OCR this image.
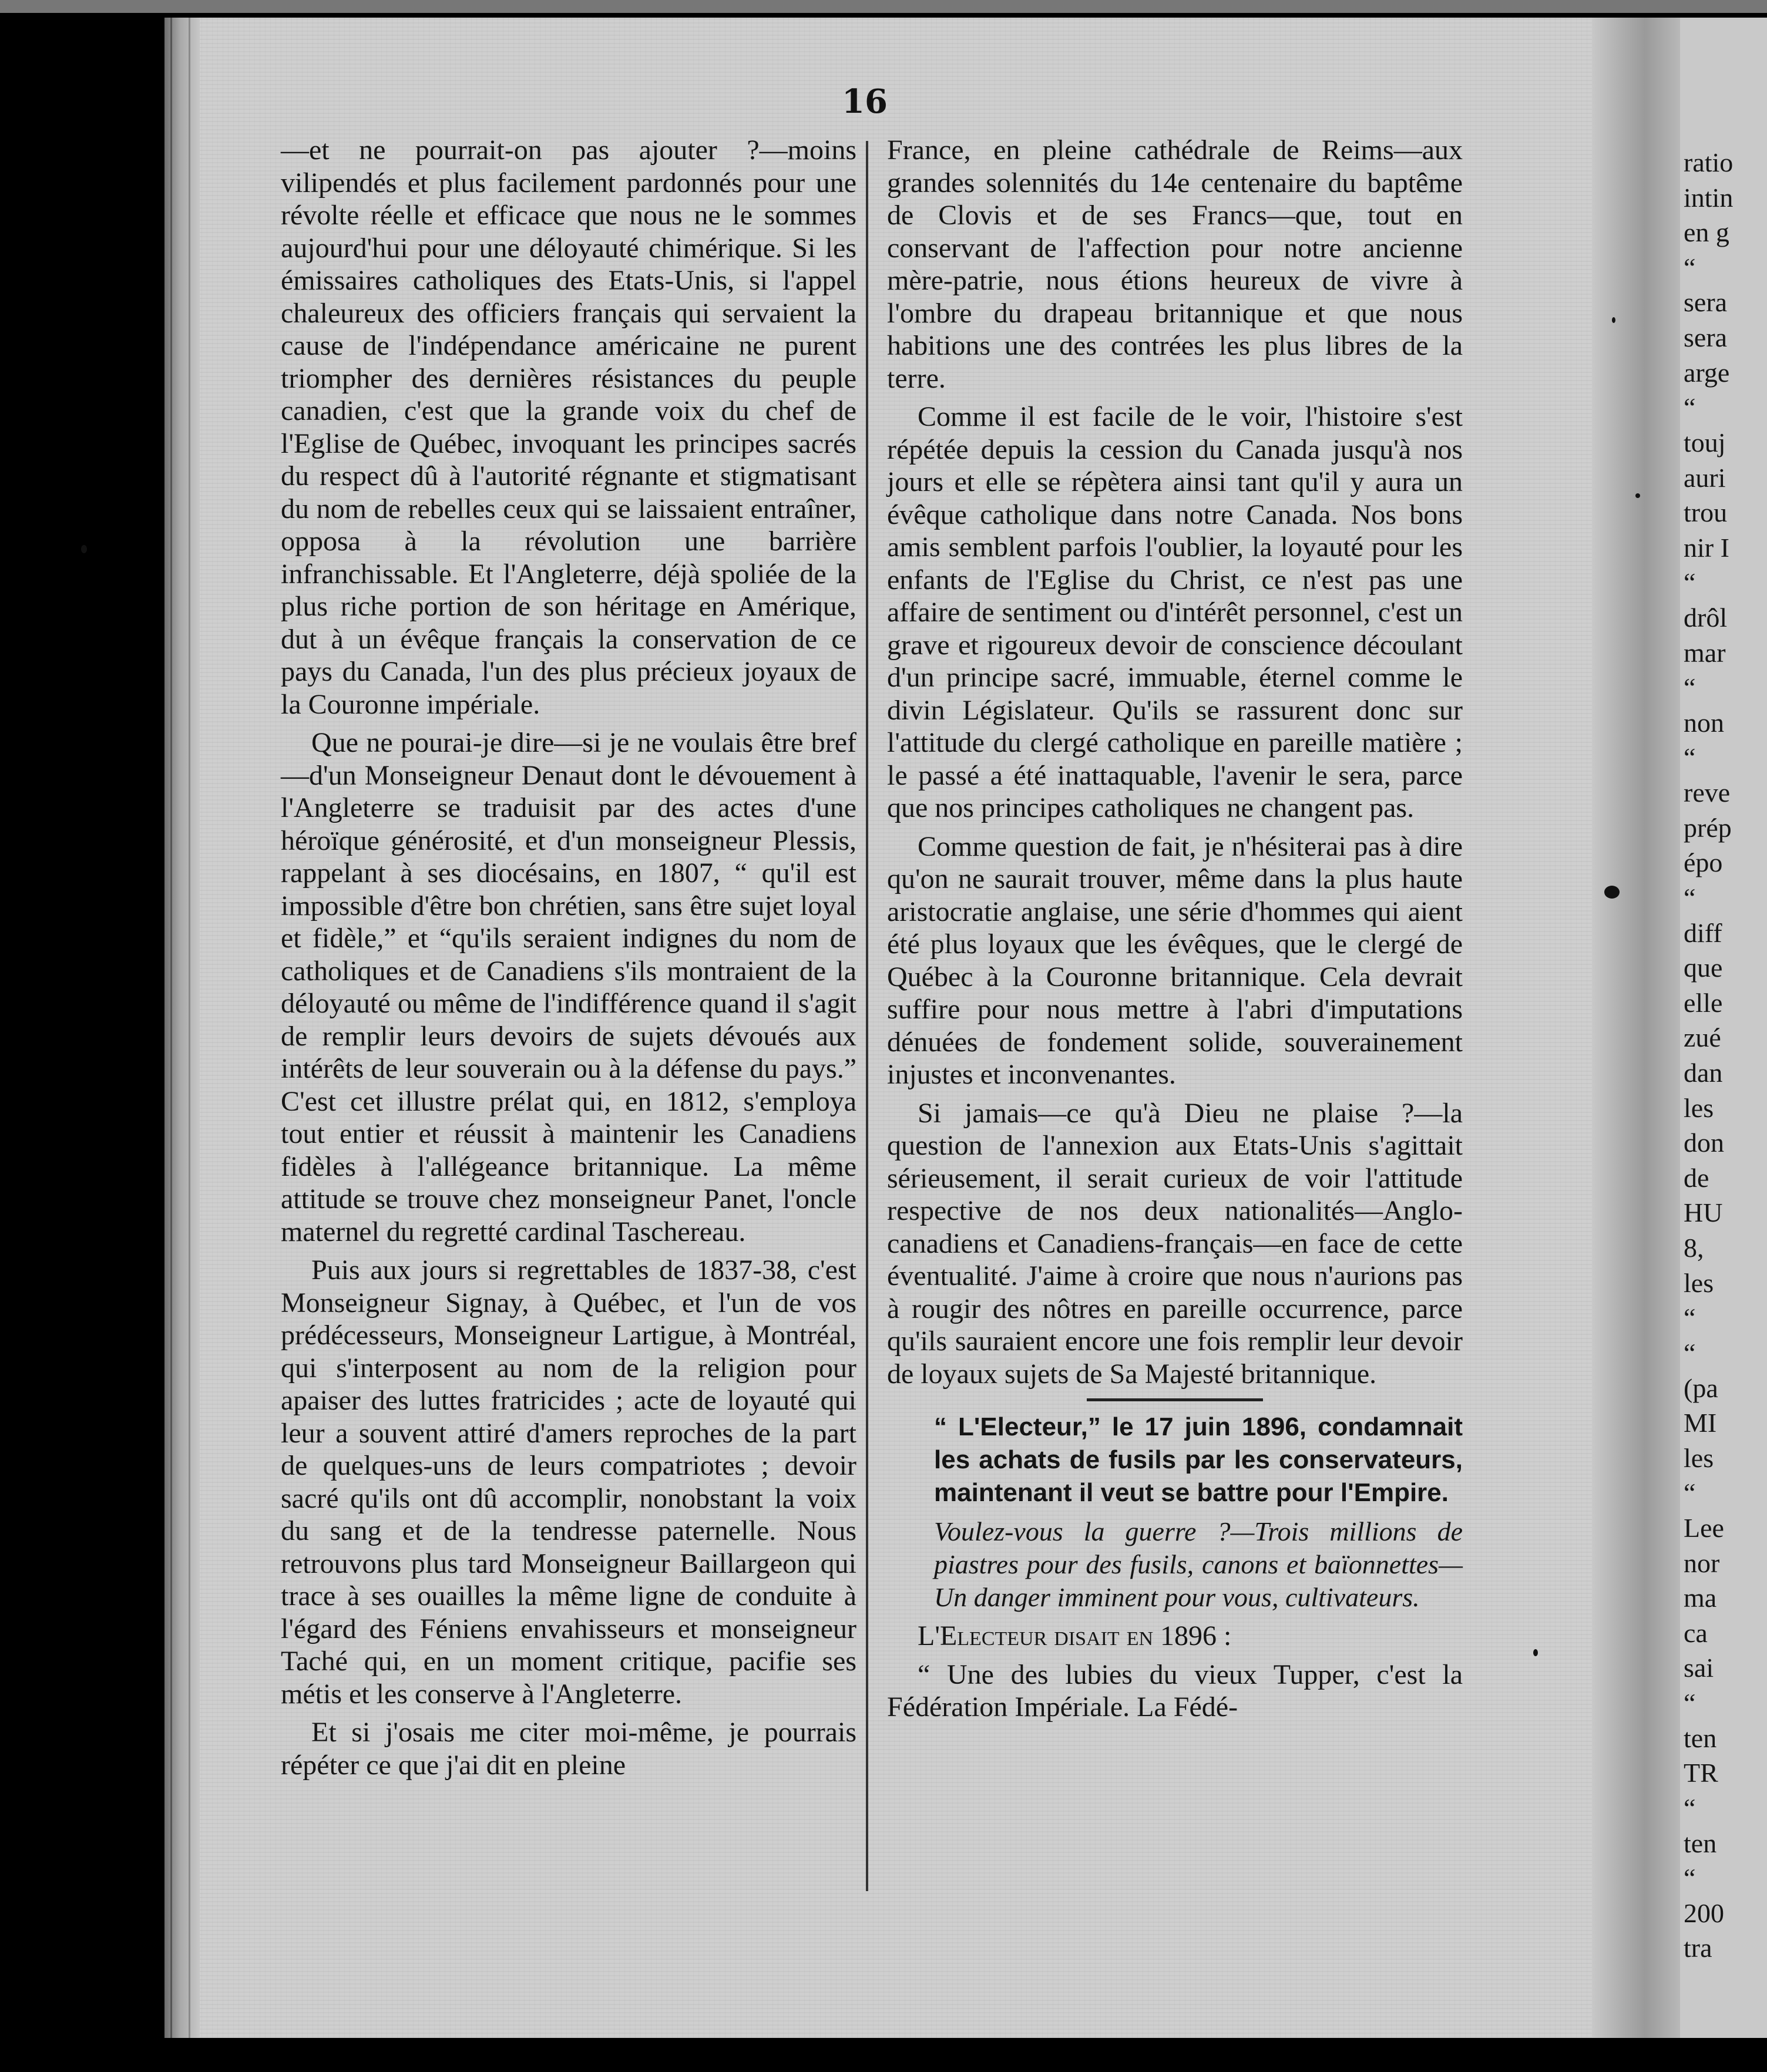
ratio
intin
en g
“
sera
sera
arge
“
touj
auri
trou
nir I
“
drôl
mar
“
non
“
reve
prép
épo
“
diff
que
elle
zué
dan
les
don
de
HU
8,
les
“
“
(pa
MI
les
“
Lee
nor
ma
ca
sai
“
ten
TR
“
ten
“
200
tra
16

—et ne pourrait-on pas ajouter ?—moins vilipendés et plus facilement pardonnés pour une révolte réelle et efficace que nous ne le sommes aujourd'hui pour une déloyauté chimérique. Si les émissaires catholiques des Etats-Unis, si l'appel chaleureux des officiers français qui servaient la cause de l'indépendance américaine ne purent triompher des dernières résistances du peuple canadien, c'est que la grande voix du chef de l'Eglise de Québec, invoquant les principes sacrés du respect dû à l'autorité régnante et stigmatisant du nom de rebelles ceux qui se laissaient entraîner, opposa à la révolution une barrière infranchissable. Et l'Angleterre, déjà spoliée de la plus riche portion de son héritage en Amérique, dut à un évêque français la conservation de ce pays du Canada, l'un des plus précieux joyaux de la Couronne impériale.

Que ne pourai-je dire—si je ne voulais être bref—d'un Monseigneur Denaut dont le dévouement à l'Angleterre se traduisit par des actes d'une héroïque générosité, et d'un monseigneur Plessis, rappelant à ses diocésains, en 1807, “ qu'il est impossible d'être bon chrétien, sans être sujet loyal et fidèle,” et “qu'ils seraient indignes du nom de catholiques et de Canadiens s'ils montraient de la déloyauté ou même de l'indifférence quand il s'agit de remplir leurs devoirs de sujets dévoués aux intérêts de leur souverain ou à la défense du pays.” C'est cet illustre prélat qui, en 1812, s'employa tout entier et réussit à maintenir les Canadiens fidèles à l'allégeance britannique. La même attitude se trouve chez monseigneur Panet, l'oncle maternel du regretté cardinal Taschereau.

Puis aux jours si regrettables de 1837-38, c'est Monseigneur Signay, à Québec, et l'un de vos prédécesseurs, Monseigneur Lartigue, à Montréal, qui s'interposent au nom de la religion pour apaiser des luttes fratricides ; acte de loyauté qui leur a souvent attiré d'amers reproches de la part de quelques-uns de leurs compatriotes ; devoir sacré qu'ils ont dû accomplir, nonobstant la voix du sang et de la tendresse paternelle. Nous retrouvons plus tard Monseigneur Baillargeon qui trace à ses ouailles la même ligne de conduite à l'égard des Féniens envahisseurs et monseigneur Taché qui, en un moment critique, pacifie ses métis et les conserve à l'Angleterre.

Et si j'osais me citer moi-même, je pourrais répéter ce que j'ai dit en pleine

France, en pleine cathédrale de Reims—aux grandes solennités du 14e centenaire du baptême de Clovis et de ses Francs—que, tout en conservant de l'affection pour notre ancienne mère-patrie, nous étions heureux de vivre à l'ombre du drapeau britannique et que nous habitions une des contrées les plus libres de la terre.

Comme il est facile de le voir, l'histoire s'est répétée depuis la cession du Canada jusqu'à nos jours et elle se répètera ainsi tant qu'il y aura un évêque catholique dans notre Canada. Nos bons amis semblent parfois l'oublier, la loyauté pour les enfants de l'Eglise du Christ, ce n'est pas une affaire de sentiment ou d'intérêt personnel, c'est un grave et rigoureux devoir de conscience découlant d'un principe sacré, immuable, éternel comme le divin Législateur. Qu'ils se rassurent donc sur l'attitude du clergé catholique en pareille matière ; le passé a été inattaquable, l'avenir le sera, parce que nos principes catholiques ne changent pas.

Comme question de fait, je n'hésiterai pas à dire qu'on ne saurait trouver, même dans la plus haute aristocratie anglaise, une série d'hommes qui aient été plus loyaux que les évêques, que le clergé de Québec à la Couronne britannique. Cela devrait suffire pour nous mettre à l'abri d'imputations dénuées de fondement solide, souverainement injustes et inconvenantes.

Si jamais—ce qu'à Dieu ne plaise ?—la question de l'annexion aux Etats-Unis s'agittait sérieusement, il serait curieux de voir l'attitude respective de nos deux nationalités—Anglo-canadiens et Canadiens-français—en face de cette éventualité. J'aime à croire que nous n'aurions pas à rougir des nôtres en pareille occurrence, parce qu'ils sauraient encore une fois remplir leur devoir de loyaux sujets de Sa Majesté britannique.

“ L'Electeur,” le 17 juin 1896, condamnait les achats de fusils par les conservateurs, maintenant il veut se battre pour l'Empire.

Voulez-vous la guerre ?—Trois millions de piastres pour des fusils, canons et baïonnettes—Un danger imminent pour vous, cultivateurs.

L'Electeur disait en 1896 :

“ Une des lubies du vieux Tupper, c'est la Fédération Impériale. La Fédé-
